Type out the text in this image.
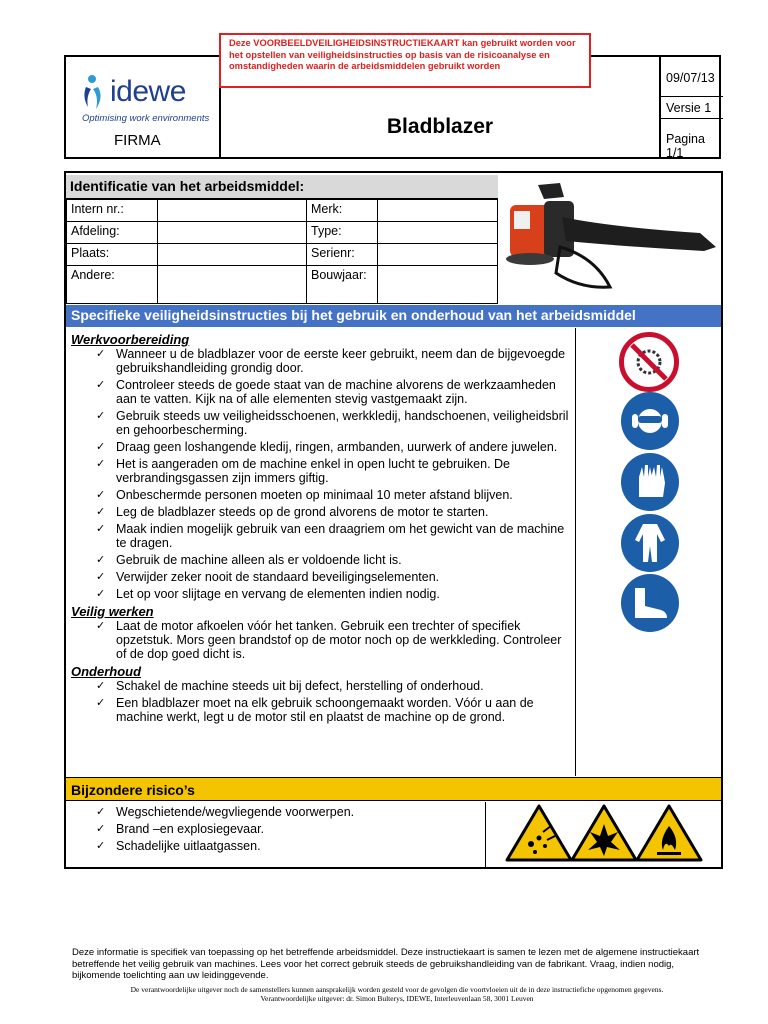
Deze VOORBEELDVEILIGHEIDSINSTRUCTIEKAART kan gebruikt worden voor het opstellen van veiligheidsinstructies op basis van de risicoanalyse en omstandigheden waarin de arbeidsmiddelen gebruikt worden
idewe
Optimising work environments
FIRMA
Bladblazer
09/07/13
Versie 1
Pagina 1/1
Identificatie van het arbeidsmiddel:
Intern nr.:		Merk:	
Afdeling:		Type:	
Plaats:		Serienr:	
Andere:		Bouwjaar:	
Specifieke veiligheidsinstructies bij het gebruik en onderhoud van het arbeidsmiddel
Werkvoorbereiding
✓ Wanneer u de bladblazer voor de eerste keer gebruikt, neem dan de bijgevoegde gebruikshandleiding grondig door.
✓ Controleer steeds de goede staat van de machine alvorens de werkzaamheden aan te vatten. Kijk na of alle elementen stevig vastgemaakt zijn.
✓ Gebruik steeds uw veiligheidsschoenen, werkkledij, handschoenen, veiligheidsbril en gehoorbescherming.
✓ Draag geen loshangende kledij, ringen, armbanden, uurwerk of andere juwelen.
✓ Het is aangeraden om de machine enkel in open lucht te gebruiken. De verbrandingsgassen zijn immers giftig.
✓ Onbeschermde personen moeten op minimaal 10 meter afstand blijven.
✓ Leg de bladblazer steeds op de grond alvorens de motor te starten.
✓ Maak indien mogelijk gebruik van een draagriem om het gewicht van de machine te dragen.
✓ Gebruik de machine alleen als er voldoende licht is.
✓ Verwijder zeker nooit de standaard beveiligingselementen.
✓ Let op voor slijtage en vervang de elementen indien nodig.
Veilig werken
✓ Laat de motor afkoelen vóór het tanken. Gebruik een trechter of specifiek opzetstuk. Mors geen brandstof op de motor noch op de werkkleding. Controleer of de dop goed dicht is.
Onderhoud
✓ Schakel de machine steeds uit bij defect, herstelling of onderhoud.
✓ Een bladblazer moet na elk gebruik schoongemaakt worden. Vóór u aan de machine werkt, legt u de motor stil en plaatst de machine op de grond.
Bijzondere risico’s
✓ Wegschietende/wegvliegende voorwerpen.
✓ Brand –en explosiegevaar.
✓ Schadelijke uitlaatgassen.
Deze informatie is specifiek van toepassing op het betreffende arbeidsmiddel. Deze instructiekaart is samen te lezen met de algemene instructiekaart betreffende het veilig gebruik van machines. Lees voor het correct gebruik steeds de gebruikshandleiding van de fabrikant. Vraag, indien nodig, bijkomende toelichting aan uw leidinggevende.
De verantwoordelijke uitgever noch de samenstellers kunnen aansprakelijk worden gesteld voor de gevolgen die voortvloeien uit de in deze instructiefiche opgenomen gegevens.
Verantwoordelijke uitgever: dr. Simon Bulterys, IDEWE, Interleuvenlaan 58, 3001 Leuven
